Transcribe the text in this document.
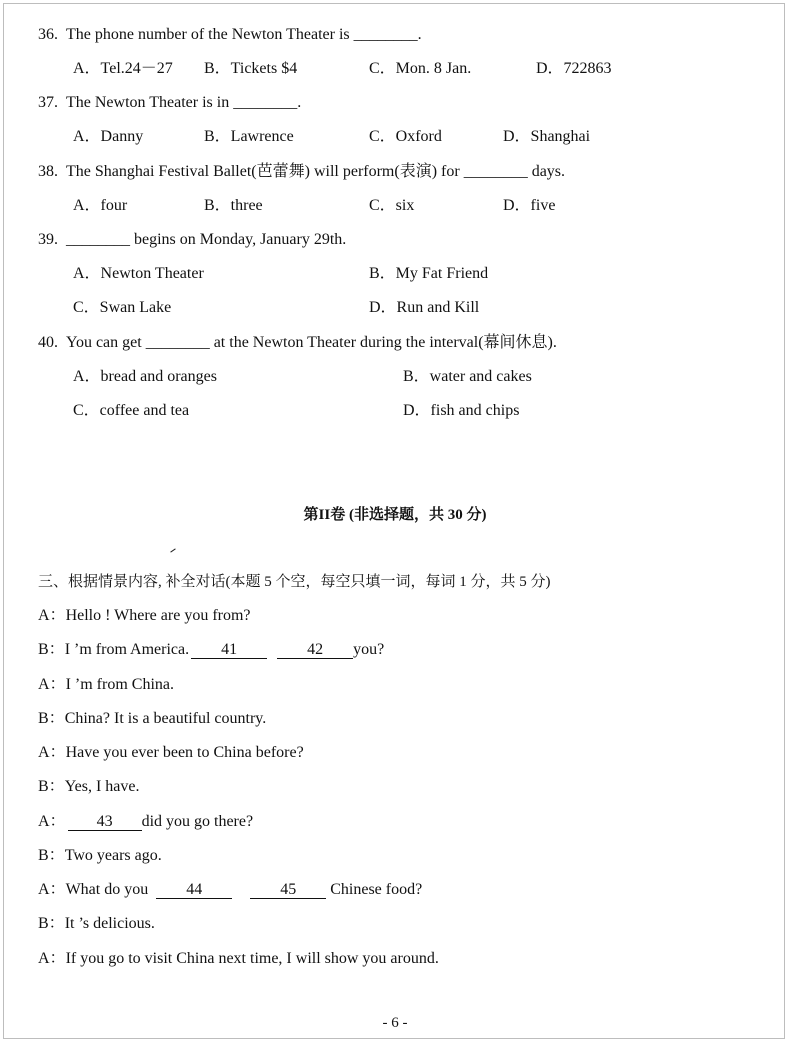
36. The phone number of the Newton Theater is ________.
A．Tel.24－27 B．Tickets $4	C．Mon. 8 Jan.	D．722863
37. The Newton Theater is in ________.
A．Danny	B．Lawrence	C．Oxford	D．Shanghai
38. The Shanghai Festival Ballet(芭蕾舞) will perform(表演) for ________ days.
A．four	B．three	C．six	D．five
39. ________ begins on Monday, January 29th.
A．Newton Theater	B．My Fat Friend
C．Swan Lake	D．Run and Kill
40. You can get ________ at the Newton Theater during the interval(幕间休息).
A．bread and oranges	B．water and cakes
C．coffee and tea	D．fish and chips
第II卷 (非选择题，共 30 分)
三、根据情景内容, 补全对话(本题 5 个空，每空只填一词，每词 1 分，共 5 分)
A：Hello ! Where are you from?
B：I ’m from America. 41	42 you?
A：I ’m from China.
B：China? It is a beautiful country.
A：Have you ever been to China before?
B：Yes, I have.
A： 43 did you go there?
B：Two years ago.
A：What do you 44	45 Chinese food?
B：It ’s delicious.
A：If you go to visit China next time, I will show you around.
- 6 -
